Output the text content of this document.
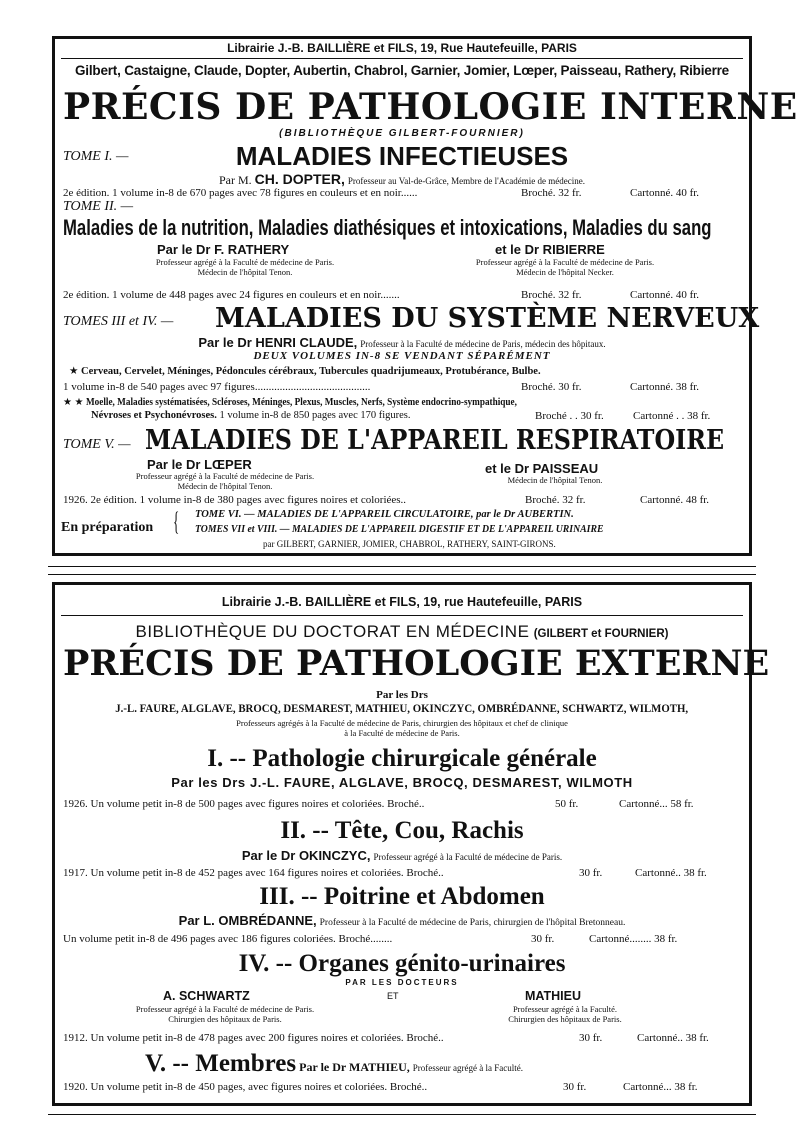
Librairie J.-B. BAILLIÈRE et FILS, 19, Rue Hautefeuille, PARIS
Gilbert, Castaigne, Claude, Dopter, Aubertin, Chabrol, Garnier, Jomier, Lœper, Paisseau, Rathery, Ribierre
PRÉCIS DE PATHOLOGIE INTERNE
(BIBLIOTHÈQUE GILBERT-FOURNIER)
TOME I. —	MALADIES INFECTIEUSES
Par M. CH. DOPTER, Professeur au Val-de-Grâce, Membre de l'Académie de médecine.
2e édition. 1 volume in-8 de 670 pages avec 78 figures en couleurs et en noir......	Broché. 32 fr.	Cartonné. 40 fr.
TOME II. —
Maladies de la nutrition, Maladies diathésiques et intoxications, Maladies du sang
Par le Dr F. RATHERY
Professeur agrégé à la Faculté de médecine de Paris.
Médecin de l'hôpital Tenon.
et le Dr RIBIERRE
Professeur agrégé à la Faculté de médecine de Paris.
Médecin de l'hôpital Necker.
2e édition. 1 volume de 448 pages avec 24 figures en couleurs et en noir.......	Broché. 32 fr.	Cartonné. 40 fr.
TOMES III et IV. —	MALADIES DU SYSTÈME NERVEUX
Par le Dr HENRI CLAUDE, Professeur à la Faculté de médecine de Paris, médecin des hôpitaux.
DEUX VOLUMES IN-8 SE VENDANT SÉPARÉMENT
★ Cerveau, Cervelet, Méninges, Pédoncules cérébraux, Tubercules quadrijumeaux, Protubérance, Bulbe.
1 volume in-8 de 540 pages avec 97 figures..........................................	Broché. 30 fr.	Cartonné. 38 fr.
★ ★ Moelle, Maladies systématisées, Scléroses, Méninges, Plexus, Muscles, Nerfs, Système endocrino-sympathique,
Névroses et Psychonévroses. 1 volume in-8 de 850 pages avec 170 figures.	Broché . . 30 fr.	Cartonné . . 38 fr.
TOME V. — MALADIES DE L'APPAREIL RESPIRATOIRE
Par le Dr LŒPER
Professeur agrégé à la Faculté de médecine de Paris.
Médecin de l'hôpital Tenon.
et le Dr PAISSEAU
Médecin de l'hôpital Tenon.
1926. 2e édition. 1 volume in-8 de 380 pages avec figures noires et coloriées..	Broché. 32 fr.	Cartonné. 48 fr.
En préparation { TOME VI. — MALADIES DE L'APPAREIL CIRCULATOIRE, par le Dr AUBERTIN.
TOMES VII et VIII. — MALADIES DE L'APPAREIL DIGESTIF ET DE L'APPAREIL URINAIRE
par GILBERT, GARNIER, JOMIER, CHABROL, RATHERY, SAINT-GIRONS.
Librairie J.-B. BAILLIÈRE et FILS, 19, rue Hautefeuille, PARIS
BIBLIOTHÈQUE DU DOCTORAT EN MÉDECINE (GILBERT et FOURNIER)
PRÉCIS DE PATHOLOGIE EXTERNE
Par les Drs
J.-L. FAURE, ALGLAVE, BROCQ, DESMAREST, MATHIEU, OKINCZYC, OMBRÉDANNE, SCHWARTZ, WILMOTH,
Professeurs agrégés à la Faculté de médecine de Paris, chirurgien des hôpitaux et chef de clinique
à la Faculté de médecine de Paris.
I. -- Pathologie chirurgicale générale
Par les Drs J.-L. FAURE, ALGLAVE, BROCQ, DESMAREST, WILMOTH
1926. Un volume petit in-8 de 500 pages avec figures noires et coloriées. Broché..	50 fr.	Cartonné... 58 fr.
II. -- Tête, Cou, Rachis
Par le Dr OKINCZYC, Professeur agrégé à la Faculté de médecine de Paris.
1917. Un volume petit in-8 de 452 pages avec 164 figures noires et coloriées. Broché..	30 fr.	Cartonné.. 38 fr.
III. -- Poitrine et Abdomen
Par L. OMBRÉDANNE, Professeur à la Faculté de médecine de Paris, chirurgien de l'hôpital Bretonneau.
Un volume petit in-8 de 496 pages avec 186 figures coloriées. Broché........	30 fr.	Cartonné........ 38 fr.
IV. -- Organes génito-urinaires
PAR LES DOCTEURS
A. SCHWARTZ	ET	MATHIEU
Professeur agrégé à la Faculté de médecine de Paris.
Chirurgien des hôpitaux de Paris.
Professeur agrégé à la Faculté.
Chirurgien des hôpitaux de Paris.
1912. Un volume petit in-8 de 478 pages avec 200 figures noires et coloriées. Broché..	30 fr.	Cartonné.. 38 fr.
V. -- Membres Par le Dr MATHIEU, Professeur agrégé à la Faculté.
1920. Un volume petit in-8 de 450 pages, avec figures noires et coloriées. Broché..	30 fr.	Cartonné... 38 fr.
